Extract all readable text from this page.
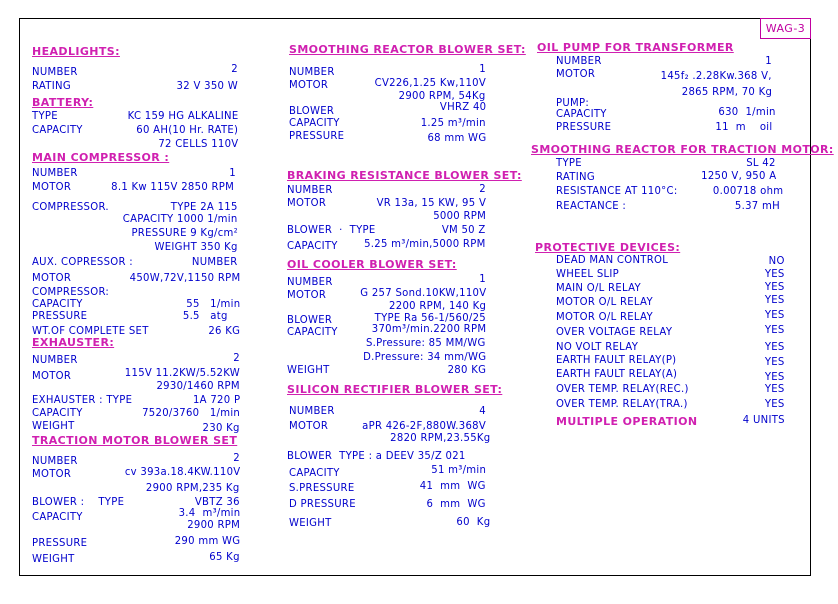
WAG-3
HEADLIGHTS:
NUMBER	2
RATING	32 V 350 W
BATTERY:
TYPE	KC 159 HG ALKALINE
CAPACITY	60 AH(10 Hr. RATE)
72 CELLS 110V
MAIN COMPRESSOR :
NUMBER	1
MOTOR	8.1 Kw 115V 2850 RPM
COMPRESSOR.	TYPE 2A 115
CAPACITY 1000 1/min
PRESSURE 9 Kg/cm²
WEIGHT 350 Kg
AUX. COPRESSOR :	NUMBER
MOTOR	450W,72V,1150 RPM
COMPRESSOR:
CAPACITY	55   1/min
PRESSURE	5.5   atg
WT.OF COMPLETE SET	26 KG
EXHAUSTER:
NUMBER	2
MOTOR	115V 11.2KW/5.52KW
2930/1460 RPM
EXHAUSTER : TYPE	1A 720 P
CAPACITY	7520/3760   1/min
WEIGHT	230 Kg
TRACTION MOTOR BLOWER SET
NUMBER	2
MOTOR	cv 393a.18.4KW.110V
2900 RPM,235 Kg
BLOWER :    TYPE	VBTZ 36
CAPACITY	3.4  m³/min
2900 RPM
PRESSURE	290 mm WG
WEIGHT	65 Kg
SMOOTHING REACTOR BLOWER SET:
NUMBER	1
MOTOR	CV226,1.25 Kw,110V
2900 RPM, 54Kg
BLOWER	VHRZ 40
CAPACITY	1.25 m³/min
PRESSURE	68 mm WG
BRAKING RESISTANCE BLOWER SET:
NUMBER	2
MOTOR	VR 13a, 15 KW, 95 V
5000 RPM
BLOWER  ·  TYPE	VM 50 Z
CAPACITY	5.25 m³/min,5000 RPM
OIL COOLER BLOWER SET:
NUMBER	1
MOTOR	G 257 Sond.10KW,110V
2200 RPM, 140 Kg
BLOWER	TYPE Ra 56-1/560/25
CAPACITY	370m³/min.2200 RPM
S.Pressure: 85 MM/WG
D.Pressure: 34 mm/WG
WEIGHT	280 KG
SILICON RECTIFIER BLOWER SET:
NUMBER	4
MOTOR	aPR 426-2F,880W.368V
2820 RPM,23.55Kg
BLOWER  TYPE : a DEEV 35/Z 021
CAPACITY	51 m³/min
S.PRESSURE	41  mm  WG
D PRESSURE	6  mm  WG
WEIGHT	60  Kg
OIL PUMP FOR TRANSFORMER
NUMBER	1
MOTOR	145f₂ .2.28Kw.368 V,
2865 RPM, 70 Kg
PUMP:
CAPACITY	630  1/min
PRESSURE	11  m    oil
SMOOTHING REACTOR FOR TRACTION MOTOR:
TYPE	SL 42
RATING	1250 V, 950 A
RESISTANCE AT 110°C:	0.00718 ohm
REACTANCE :	5.37 mH
PROTECTIVE DEVICES:
DEAD MAN CONTROL	NO
WHEEL SLIP	YES
MAIN O/L RELAY	YES
MOTOR O/L RELAY	YES
MOTOR O/L RELAY	YES
OVER VOLTAGE RELAY	YES
NO VOLT RELAY	YES
EARTH FAULT RELAY(P)	YES
EARTH FAULT RELAY(A)	YES
OVER TEMP. RELAY(REC.)	YES
OVER TEMP. RELAY(TRA.)	YES
MULTIPLE OPERATION	4 UNITS
